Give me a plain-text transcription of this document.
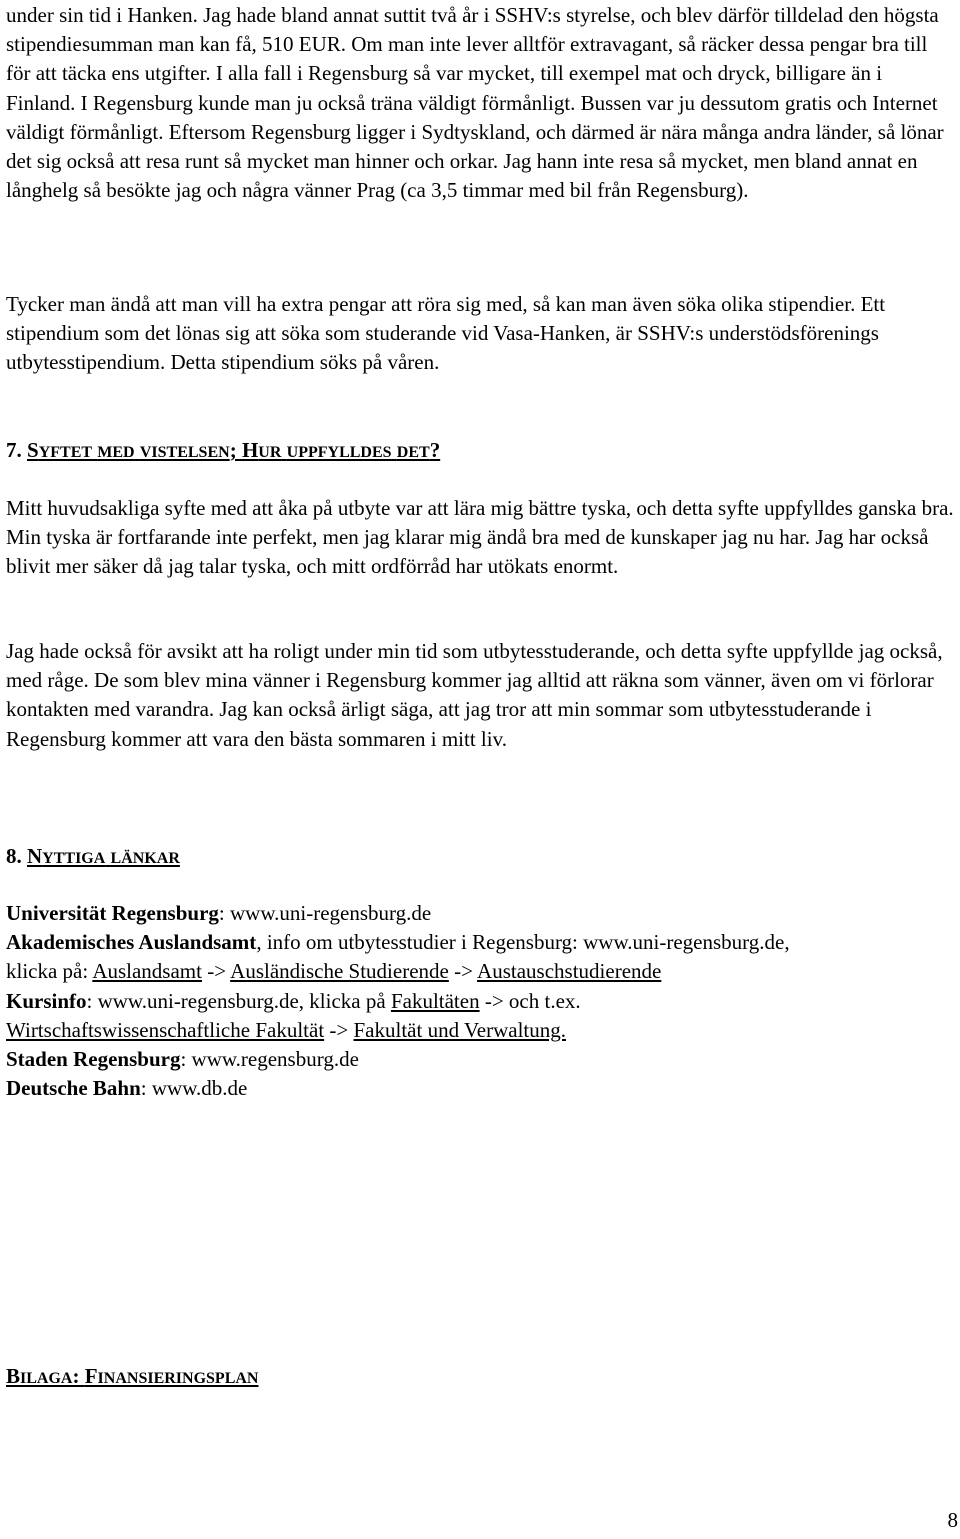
under sin tid i Hanken. Jag hade bland annat suttit två år i SSHV:s styrelse, och blev därför tilldelad den högsta stipendiesumman man kan få, 510 EUR. Om man inte lever alltför extravagant, så räcker dessa pengar bra till för att täcka ens utgifter. I alla fall i Regensburg så var mycket, till exempel mat och dryck, billigare än i Finland. I Regensburg kunde man ju också träna väldigt förmånligt. Bussen var ju dessutom gratis och Internet väldigt förmånligt. Eftersom Regensburg ligger i Sydtyskland, och därmed är nära många andra länder, så lönar det sig också att resa runt så mycket man hinner och orkar. Jag hann inte resa så mycket, men bland annat en långhelg så besökte jag och några vänner Prag (ca 3,5 timmar med bil från Regensburg).

Tycker man ändå att man vill ha extra pengar att röra sig med, så kan man även söka olika stipendier. Ett stipendium som det lönas sig att söka som studerande vid Vasa-Hanken, är SSHV:s understödsförenings utbytesstipendium. Detta stipendium söks på våren.

7. SYFTET MED VISTELSEN; HUR UPPFYLLDES DET?

Mitt huvudsakliga syfte med att åka på utbyte var att lära mig bättre tyska, och detta syfte uppfylldes ganska bra. Min tyska är fortfarande inte perfekt, men jag klarar mig ändå bra med de kunskaper jag nu har. Jag har också blivit mer säker då jag talar tyska, och mitt ordförråd har utökats enormt.

Jag hade också för avsikt att ha roligt under min tid som utbytesstuderande, och detta syfte uppfyllde jag också, med råge. De som blev mina vänner i Regensburg kommer jag alltid att räkna som vänner, även om vi förlorar kontakten med varandra. Jag kan också ärligt säga, att jag tror att min sommar som utbytesstuderande i Regensburg kommer att vara den bästa sommaren i mitt liv.

8. NYTTIGA LÄNKAR
Universität Regensburg: www.uni-regensburg.de
Akademisches Auslandsamt, info om utbytesstudier i Regensburg: www.uni-regensburg.de,
klicka på: Auslandsamt -> Ausländische Studierende -> Austauschstudierende
Kursinfo: www.uni-regensburg.de, klicka på Fakultäten -> och t.ex.
Wirtschaftswissenschaftliche Fakultät -> Fakultät und Verwaltung.
Staden Regensburg: www.regensburg.de
Deutsche Bahn: www.db.de
BILAGA: FINANSIERINGSPLAN
8
